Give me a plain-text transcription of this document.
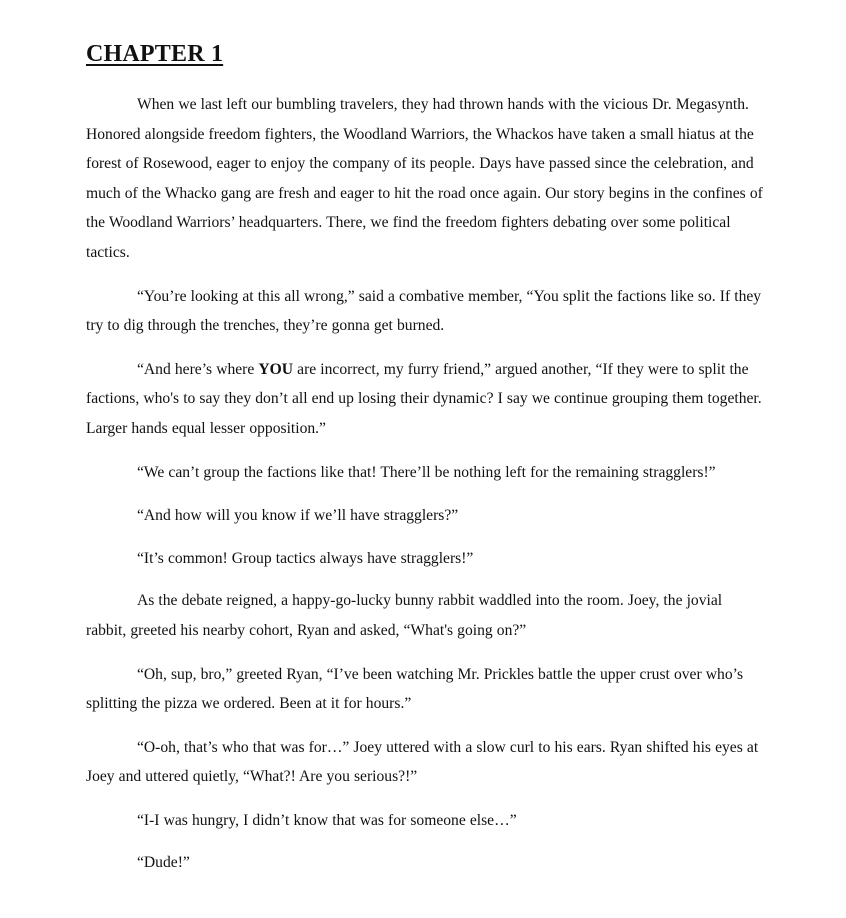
CHAPTER 1

When we last left our bumbling travelers, they had thrown hands with the vicious Dr. Megasynth. Honored alongside freedom fighters, the Woodland Warriors, the Whackos have taken a small hiatus at the forest of Rosewood, eager to enjoy the company of its people. Days have passed since the celebration, and much of the Whacko gang are fresh and eager to hit the road once again. Our story begins in the confines of the Woodland Warriors’ headquarters. There, we find the freedom fighters debating over some political tactics.

“You’re looking at this all wrong,” said a combative member, “You split the factions like so. If they try to dig through the trenches, they’re gonna get burned.

“And here’s where YOU are incorrect, my furry friend,” argued another, “If they were to split the factions, who's to say they don’t all end up losing their dynamic? I say we continue grouping them together. Larger hands equal lesser opposition.”

“We can’t group the factions like that! There’ll be nothing left for the remaining stragglers!”

“And how will you know if we’ll have stragglers?”

“It’s common! Group tactics always have stragglers!”

As the debate reigned, a happy-go-lucky bunny rabbit waddled into the room. Joey, the jovial rabbit, greeted his nearby cohort, Ryan and asked, “What's going on?”

“Oh, sup, bro,” greeted Ryan, “I’ve been watching Mr. Prickles battle the upper crust over who’s splitting the pizza we ordered. Been at it for hours.”

“O-oh, that’s who that was for…” Joey uttered with a slow curl to his ears. Ryan shifted his eyes at Joey and uttered quietly, “What?! Are you serious?!”

“I-I was hungry, I didn’t know that was for someone else…”

“Dude!”
